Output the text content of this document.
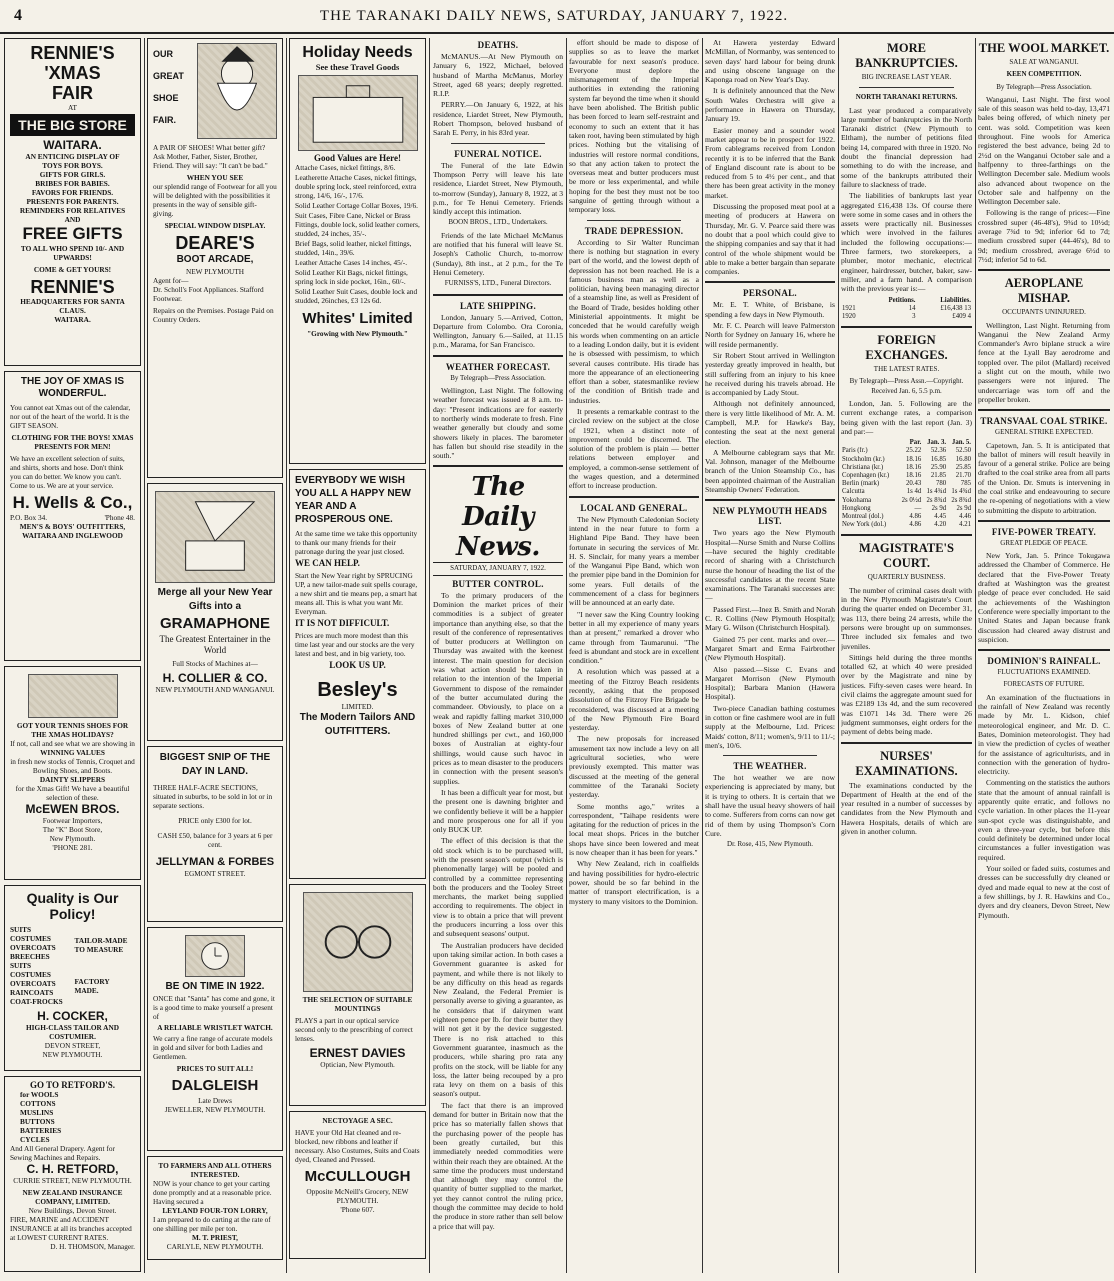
4	THE TARANAKI DAILY NEWS, SATURDAY, JANUARY 7, 1922.
RENNIE'S
'XMAS
FAIR
AT
THE BIG STORE
WAITARA.
AN ENTICING DISPLAY OF
TOYS FOR BOYS.
GIFTS FOR GIRLS.
BRIBES FOR BABIES.
FAVORS FOR FRIENDS.
PRESENTS FOR PARENTS.
REMINDERS FOR RELATIVES
AND
FREE GIFTS
TO ALL WHO SPEND 10/- AND UPWARDS!
COME & GET YOURS!
RENNIE'S
HEADQUARTERS FOR SANTA CLAUS.
WAITARA.
THE JOY OF XMAS IS WONDERFUL.
You cannot eat Xmas out of the calendar, nor out of the heart of the world. It is the GIFT SEASON.
CLOTHING FOR THE BOYS! XMAS PRESENTS FOR MEN!
We have an excellent selection of suits, and shirts, shorts and hose. Don't think you can do better. We know you can't. Come to us. We are at your service.
H. Wells & Co.,
P.O. Box 34.	'Phone 48.
MEN'S & BOYS' OUTFITTERS,
WAITARA AND INGLEWOOD
GOT YOUR TENNIS SHOES FOR THE XMAS HOLIDAYS?
If not, call and see what we are showing in
WINNING VALUES
in fresh new stocks of Tennis, Croquet and Bowling Shoes, and Boots.
DAINTY SLIPPERS
for the Xmas Gift! We have a beautiful selection of these.
McEWEN BROS.
Footwear Importers,
The "K" Boot Store,
New Plymouth.
'PHONE 281.
Quality is Our Policy!
SUITS
COSTUMES
OVERCOATS
BREECHES
SUITS
COSTUMES
OVERCOATS
RAINCOATS
COAT-FROCKS
TAILOR-MADE TO MEASURE
FACTORY MADE.
H. COCKER,
HIGH-CLASS TAILOR AND COSTUMIER.
DEVON STREET,
NEW PLYMOUTH.
GO TO RETFORD'S.
for WOOLS
COTTONS
MUSLINS
BUTTONS
BATTERIES
CYCLES
And All General Drapery. Agent for Sewing Machines and Repairs.
C. H. RETFORD,
CURRIE STREET, NEW PLYMOUTH.
NEW ZEALAND INSURANCE COMPANY, LIMITED.
New Buildings, Devon Street.
FIRE, MARINE and ACCIDENT INSURANCE at all its branches accepted at LOWEST CURRENT RATES.
D. H. THOMSON, Manager.
OUR
GREAT
SHOE
FAIR.
A PAIR OF SHOES! What better gift? Ask Mother, Father, Sister, Brother, Friend. They will say: "It can't be bad."
WHEN YOU SEE
our splendid range of Footwear for all you will be delighted with the possibilities it presents in the way of sensible gift-giving.
SPECIAL WINDOW DISPLAY.
DEARE'S
BOOT ARCADE,
NEW PLYMOUTH
Agent for—
Dr. Scholl's Foot Appliances. Stafford Footwear.
Repairs on the Premises. Postage Paid on Country Orders.
Merge all your New Year Gifts into a
GRAMAPHONE
The Greatest Entertainer in the World
Full Stocks of Machines at—
H. COLLIER & CO.
NEW PLYMOUTH AND WANGANUI.
BIGGEST SNIP OF THE DAY IN LAND.
THREE HALF-ACRE SECTIONS, situated in suburbs, to be sold in lot or in separate sections.
PRICE only £300 for lot.
CASH £50, balance for 3 years at 6 per cent.
JELLYMAN & FORBES
EGMONT STREET.
BE ON TIME IN 1922.
ONCE that "Santa" has come and gone, it is a good time to make yourself a present of
A RELIABLE WRISTLET WATCH.
We carry a fine range of accurate models in gold and silver for both Ladies and Gentlemen.
PRICES TO SUIT ALL!
DALGLEISH
Late Drews
JEWELLER, NEW PLYMOUTH.
TO FARMERS AND ALL OTHERS INTERESTED.
NOW is your chance to get your carting done promptly and at a reasonable price. Having secured a
LEYLAND FOUR-TON LORRY,
I am prepared to do carting at the rate of one shilling per mile per ton.
M. T. PRIEST,
CARLYLE, NEW PLYMOUTH.
Holiday Needs
See these Travel Goods
Good Values are Here!
Attache Cases, nickel fittings, 8/6.
Leatherette Attache Cases, nickel fittings, double spring lock, steel reinforced, extra strong, 14/6, 16/-, 17/6.
Solid Leather Cortage Collar Boxes, 19/6.
Suit Cases, Fibre Cane, Nickel or Brass Fittings, double lock, solid leather corners, studded, 24 inches, 35/-.
Brief Bags, solid leather, nickel fittings, studded, 14in., 39/6.
Leather Attache Cases 14 inches, 45/-.
Solid Leather Kit Bags, nickel fittings, spring lock in side pocket, 16in., 60/-.
Solid Leather Suit Cases, double lock and studded, 26inches, £3 12s 6d.
Whites' Limited
"Growing with New Plymouth."
EVERYBODY WE WISH YOU ALL A HAPPY NEW YEAR AND A PROSPEROUS ONE.
At the same time we take this opportunity to thank our many friends for their patronage during the year just closed.
WE CAN HELP.
Start the New Year right by SPRUCING UP, a new tailor-made suit spells courage, a new shirt and tie means pep, a smart hat means all. This is what you want Mr. Everyman.
IT IS NOT DIFFICULT.
Prices are much more modest than this time last year and our stocks are the very latest and best, and in big variety, too.
LOOK US UP.
Besley's
LIMITED.
The Modern Tailors AND OUTFITTERS.
THE SELECTION OF SUITABLE MOUNTINGS
PLAYS a part in our optical service second only to the prescribing of correct lenses.
ERNEST DAVIES
Optician, New Plymouth.
NECTOYAGE A SEC.
HAVE your Old Hat cleaned and re-blocked, new ribbons and leather if necessary. Also Costumes, Suits and Coats dyed, Cleaned and Pressed.
McCULLOUGH
Opposite McNeill's Grocery, NEW PLYMOUTH.
'Phone 607.
DEATHS.
McMANUS.—At New Plymouth on January 6, 1922, Michael, beloved husband of Martha McManus, Morley Street, aged 68 years; deeply regretted. R.I.P.
PERRY.—On January 6, 1922, at his residence, Liardet Street, New Plymouth, Robert Thompson, beloved husband of Sarah E. Perry, in his 83rd year.
FUNERAL NOTICE.
The Funeral of the late Edwin Thompson Perry will leave his late residence, Liardet Street, New Plymouth, to-morrow (Sunday), January 8, 1922, at 3 p.m., for Te Henui Cemetery. Friends kindly accept this intimation.
BOON BROS., LTD., Undertakers.
Friends of the late Michael McManus are notified that his funeral will leave St. Joseph's Catholic Church, to-morrow (Sunday), 8th inst., at 2 p.m., for the Te Henui Cemetery.
FURNISS'S, LTD., Funeral Directors.
LATE SHIPPING.
London, January 5.—Arrived, Cotton, Departure from Colombo. Ora Coronia, Wellington, January 6.—Sailed, at 11.15 p.m., Marama, for San Francisco.
WEATHER FORECAST.
By Telegraph—Press Association.
Wellington, Last Night. The following weather forecast was issued at 8 a.m. to-day: "Present indications are for easterly to northerly winds moderate to fresh. Fine weather generally but cloudy and some showers likely in places. The barometer has fallen but should rise steadily in the south."
The Daily News.
SATURDAY, JANUARY 7, 1922.
BUTTER CONTROL.
To the primary producers of the Dominion the market prices of their commodities is a subject of greater importance than anything else, so that the result of the conference of representatives of butter producers at Wellington on Thursday was awaited with the keenest interest. The main question for decision was what action should be taken in relation to the intention of the Imperial Government to dispose of the remainder of the butter accumulated during the commandeer. Obviously, to place on a weak and rapidly falling market 310,000 boxes of New Zealand butter at one hundred shillings per cwt., and 160,000 boxes of Australian at eighty-four shillings, would cause such havoc in prices as to mean disaster to the producers in connection with the present season's supplies.
It has been a difficult year for most, but the present one is dawning brighter and we confidently believe it will be a happier and more prosperous one for all if you only BUCK UP.
The effect of this decision is that the old stock which is to be purchased will, with the present season's output (which is phenomenally large) will be pooled and controlled by a committee representing both the producers and the Tooley Street merchants, the market being supplied according to requirements. The object in view is to obtain a price that will prevent the producers incurring a loss over this and subsequent seasons' output.
The Australian producers have decided upon taking similar action. In both cases a Government guarantee is asked for payment, and while there is not likely to be any difficulty on this head as regards New Zealand, the Federal Premier is personally averse to giving a guarantee, as he considers that if dairymen want eighteen pence per lb. for their butter they will not get it by the device suggested. There is no risk attached to this Government guarantee, inasmuch as the producers, while sharing pro rata any profits on the stock, will be liable for any loss, the latter being recouped by a pro rata levy on them on a basis of this season's output.
The fact that there is an improved demand for butter in Britain now that the price has so materially fallen shows that the purchasing power of the people has been greatly curtailed, but this immediately needed commodities were within their reach they are obtained. At the same time the producers must understand that although they may control the quantity of butter supplied to the market, yet they cannot control the ruling price, though the committee may decide to hold the produce in store rather than sell below a price that will pay.
effort should be made to dispose of supplies so as to leave the market favourable for next season's produce. Everyone must deplore the mismanagement of the Imperial authorities in extending the rationing system far beyond the time when it should have been abolished. The British public has been forced to learn self-restraint and economy to such an extent that it has taken root, having been stimulated by high prices. Nothing but the vitalising of industries will restore normal conditions, so that any action taken to protect the overseas meat and butter producers must be more or less experimental, and while hoping for the best they must not be too sanguine of getting through without a temporary loss.
TRADE DEPRESSION.
According to Sir Walter Runciman there is nothing but stagnation in every part of the world, and the lowest depth of depression has not been reached. He is a famous business man as well as a politician, having been managing director of a steamship line, as well as President of the Board of Trade, besides holding other Ministerial appointments. It might be conceded that he would carefully weigh his words when commenting on an article to a leading London daily, but it is evident he is obsessed with pessimism, to which several causes contribute. His tirade has more the appearance of an electioneering effort than a sober, statesmanlike review of the condition of British trade and industries.
It presents a remarkable contrast to the circled review on the subject at the close of 1921, when a distinct note of improvement could be discerned. The solution of the problem is plain — better relations between employer and employed, a common-sense settlement of the wages question, and a determined effort to increase production.
LOCAL AND GENERAL.
The New Plymouth Caledonian Society intend in the near future to form a Highland Pipe Band. They have been fortunate in securing the services of Mr. H. S. Sinclair, for many years a member of the Wanganui Pipe Band, which won the premier pipe band in the Dominion for some years. Full details of the commencement of a class for beginners will be announced at an early date.
"I never saw the King Country looking better in all my experience of many years than at present," remarked a drover who came through from Taumarunui. "The feed is abundant and stock are in excellent condition."
A resolution which was passed at a meeting of the Fitzroy Beach residents recently, asking that the proposed dissolution of the Fitzroy Fire Brigade be reconsidered, was discussed at a meeting of the New Plymouth Fire Board yesterday.
The new proposals for increased amusement tax now include a levy on all agricultural societies, who were previously exempted. This matter was discussed at the meeting of the general committee of the Taranaki Society yesterday.
Some months ago," writes a correspondent, "Taihape residents were agitating for the reduction of prices in the local meat shops. Prices in the butcher shops have since been lowered and meat is now cheaper than it has been for years."
Why New Zealand, rich in coalfields and having possibilities for hydro-electric power, should be so far behind in the matter of transport electrification, is a mystery to many visitors to the Dominion.
At Hawera yesterday Edward McMillan, of Normanby, was sentenced to seven days' hard labour for being drunk and using obscene language on the Kaponga road on New Year's Day.
It is definitely announced that the New South Wales Orchestra will give a performance in Hawera on Thursday, January 19.
Easier money and a sounder wool market appear to be in prospect for 1922. From cablegrams received from London recently it is to be inferred that the Bank of England discount rate is about to be reduced from 5 to 4½ per cent., and that there has been great activity in the money market.
Discussing the proposed meat pool at a meeting of producers at Hawera on Thursday, Mr. G. V. Pearce said there was no doubt that a pool which could give to the shipping companies and say that it had control of the whole shipment would be able to make a better bargain than separate companies.
PERSONAL.
Mr. E. T. White, of Brisbane, is spending a few days in New Plymouth.
Mr. F. C. Pearch will leave Palmerston North for Sydney on January 16, where he will reside permanently.
Sir Robert Stout arrived in Wellington yesterday greatly improved in health, but still suffering from an injury to his knee he received during his travels abroad. He is accompanied by Lady Stout.
Although not definitely announced, there is very little likelihood of Mr. A. M. Campbell, M.P. for Hawke's Bay, contesting the seat at the next general election.
A Melbourne cablegram says that Mr. Val. Johnson, manager of the Melbourne branch of the Union Steamship Co., has been appointed chairman of the Australian Steamship Owners' Federation.
NEW PLYMOUTH HEADS LIST.
Two years ago the New Plymouth Hospital—Nurse Smith and Nurse Collins—have secured the highly creditable record of sharing with a Christchurch nurse the honour of heading the list of the successful candidates at the recent State examinations. The Taranaki successes are:—
Passed First.—Inez B. Smith and Norah C. R. Collins (New Plymouth Hospital); Mary G. Wilson (Christchurch Hospital).
Gained 75 per cent. marks and over.—Margaret Smart and Erma Fairbrother (New Plymouth Hospital).
Also passed.—Sisse C. Evans and Margaret Morrison (New Plymouth Hospital); Barbara Manion (Hawera Hospital).
Two-piece Canadian bathing costumes in cotton or fine cashmere wool are in full supply at the Melbourne, Ltd. Prices: Maids' cotton, 8/11; women's, 9/11 to 11/-; men's, 10/6.
THE WEATHER.
The hot weather we are now experiencing is appreciated by many, but it is trying to others. It is certain that we shall have the usual heavy showers of hail to come. Sufferers from corns can now get rid of them by using Thompson's Corn Cure.
Dr. Rose, 415, New Plymouth.
MORE BANKRUPTCIES.
BIG INCREASE LAST YEAR.
NORTH TARANAKI RETURNS.
Last year produced a comparatively large number of bankruptcies in the North Taranaki district (New Plymouth to Eltham), the number of petitions filed being 14, compared with three in 1920. No doubt the financial depression had something to do with the increase, and some of the bankrupts attributed their failure to slackness of trade.
The liabilities of bankrupts last year aggregated £16,438 13s. Of course there were some in some cases and in others the assets were practically nil. Businesses which were involved in the failures included the following occupations:—Three farmers, two storekeepers, a plumber, motor mechanic, electrical engineer, hairdresser, butcher, baker, saw-miller, and a farm hand. A comparison with the previous year is:—
	Petitions.	Liabilities.
1921	14	£16,438 13
1920	3	£409 4
FOREIGN EXCHANGES.
THE LATEST RATES.
By Telegraph—Press Assn.—Copyright. Received Jan. 6, 5.5 p.m.
London, Jan. 5. Following are the current exchange rates, a comparison being given with the last report (Jan. 3) and par:—
	Par.	Jan. 3.	Jan. 5.
Paris (fr.)	25.22	52.36	52.50
Stockholm (kr.)	18.16	16.85	16.80
Christiana (kr.)	18.16	25.90	25.85
Copenhagen (kr.)	18.16	21.85	21.70
Berlin (mark)	20.43	780	785
Calcutta	1s 4d	1s 4¾d	1s 4¾d
Yokohama	2s 0½d	2s 8¾d	2s 8¾d
Hongkong	—	2s 9d	2s 9d
Montreal (dol.)	4.86	4.45	4.46
New York (dol.)	4.86	4.20	4.21
MAGISTRATE'S COURT.
QUARTERLY BUSINESS.
The number of criminal cases dealt with in the New Plymouth Magistrate's Court during the quarter ended on December 31, was 113, there being 24 arrests, while the persons were brought up on summonses. Three included six females and two juveniles.
Sittings held during the three months totalled 62, at which 40 were presided over by the Magistrate and nine by justices. Fifty-seven cases were heard. In civil claims the aggregate amount sued for was £2189 13s 4d, and the sum recovered was £1071 14s 3d. There were 26 judgment summonses, eight orders for the payment of debts being made.
NURSES' EXAMINATIONS.
The examinations conducted by the Department of Health at the end of the year resulted in a number of successes by candidates from the New Plymouth and Hawera Hospitals, details of which are given in another column.
THE WOOL MARKET.
SALE AT WANGANUI.
KEEN COMPETITION.
By Telegraph—Press Association.
Wanganui, Last Night. The first wool sale of this season was held to-day, 13,471 bales being offered, of which ninety per cent. was sold. Competition was keen throughout. Fine wools for America registered the best advance, being 2d to 2½d on the Wanganui October sale and a halfpenny to three-farthings on the Wellington December sale. Medium wools also advanced about twopence on the October sale and halfpenny on the Wellington December sale.
Following is the range of prices:—Fine crossbred super (46-48's), 9¾d to 10½d; average 7¾d to 9d; inferior 6d to 7d; medium crossbred super (44-46's), 8d to 9d; medium crossbred, average 6½d to 7½d; inferior 5d to 6d.
AEROPLANE MISHAP.
OCCUPANTS UNINJURED.
Wellington, Last Night. Returning from Wanganui the New Zealand Army Commander's Avro biplane struck a wire fence at the Lyall Bay aerodrome and toppled over. The pilot (Mallard) received a slight cut on the mouth, while two passengers were not injured. The undercarriage was torn off and the propeller broken.
TRANSVAAL COAL STRIKE.
GENERAL STRIKE EXPECTED.
Capetown, Jan. 5. It is anticipated that the ballot of miners will result heavily in favour of a general strike. Police are being drafted to the coal strike area from all parts of the Union. Dr. Smuts is intervening in the coal strike and endeavouring to secure the re-opening of negotiations with a view to submitting the dispute to arbitration.
FIVE-POWER TREATY.
GREAT PLEDGE OF PEACE.
New York, Jan. 5. Prince Tokugawa addressed the Chamber of Commerce. He declared that the Five-Power Treaty drafted at Washington was the greatest pledge of peace ever concluded. He said the achievements of the Washington Conference were specially important to the United States and Japan because frank discussion had cleared away distrust and suspicion.
DOMINION'S RAINFALL.
FLUCTUATIONS EXAMINED.
FORECASTS OF FUTURE.
An examination of the fluctuations in the rainfall of New Zealand was recently made by Mr. L. Kidson, chief meteorological engineer, and Mr. D. C. Bates, Dominion meteorologist. They had in view the prediction of cycles of weather for the assistance of agriculturists, and in connection with the generation of hydro-electricity.
Commenting on the statistics the authors state that the amount of annual rainfall is apparently quite erratic, and follows no cycle variation. In other places the 11-year sun-spot cycle was distinguishable, and even a three-year cycle, but before this could definitely be determined under local circumstances a fuller investigation was required.
Your soiled or faded suits, costumes and dresses can be successfully dry cleaned or dyed and made equal to new at the cost of a few shillings, by J. R. Hawkins and Co., dyers and dry cleaners, Devon Street, New Plymouth.
